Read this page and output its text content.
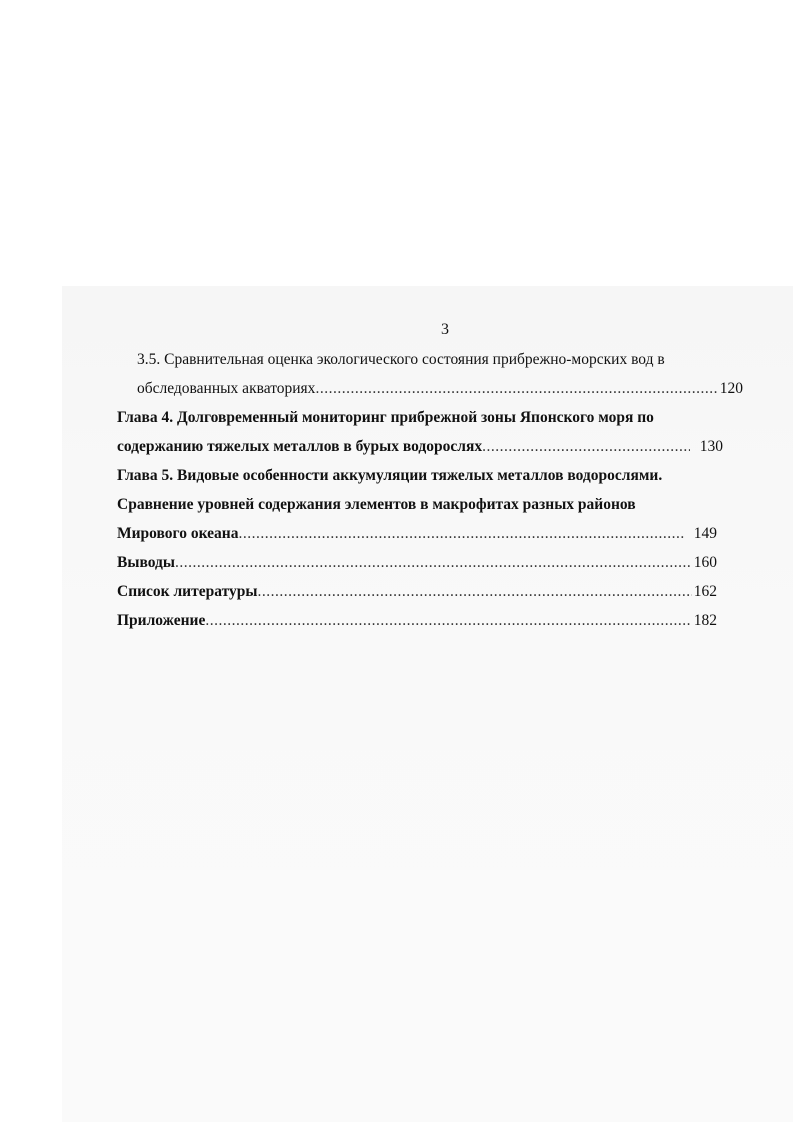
3
3.5. Сравнительная оценка экологического состояния прибрежно-морских вод в
обследованных акваториях .....	120
Глава 4. Долговременный мониторинг прибрежной зоны Японского моря по
содержанию тяжелых металлов в бурых водорослях .....	130
Глава 5. Видовые особенности аккумуляции тяжелых металлов водорослями.
Сравнение уровней содержания элементов в макрофитах разных районов
Мирового океана .....	149
Выводы .....	160
Список литературы .....	162
Приложение .....	182
